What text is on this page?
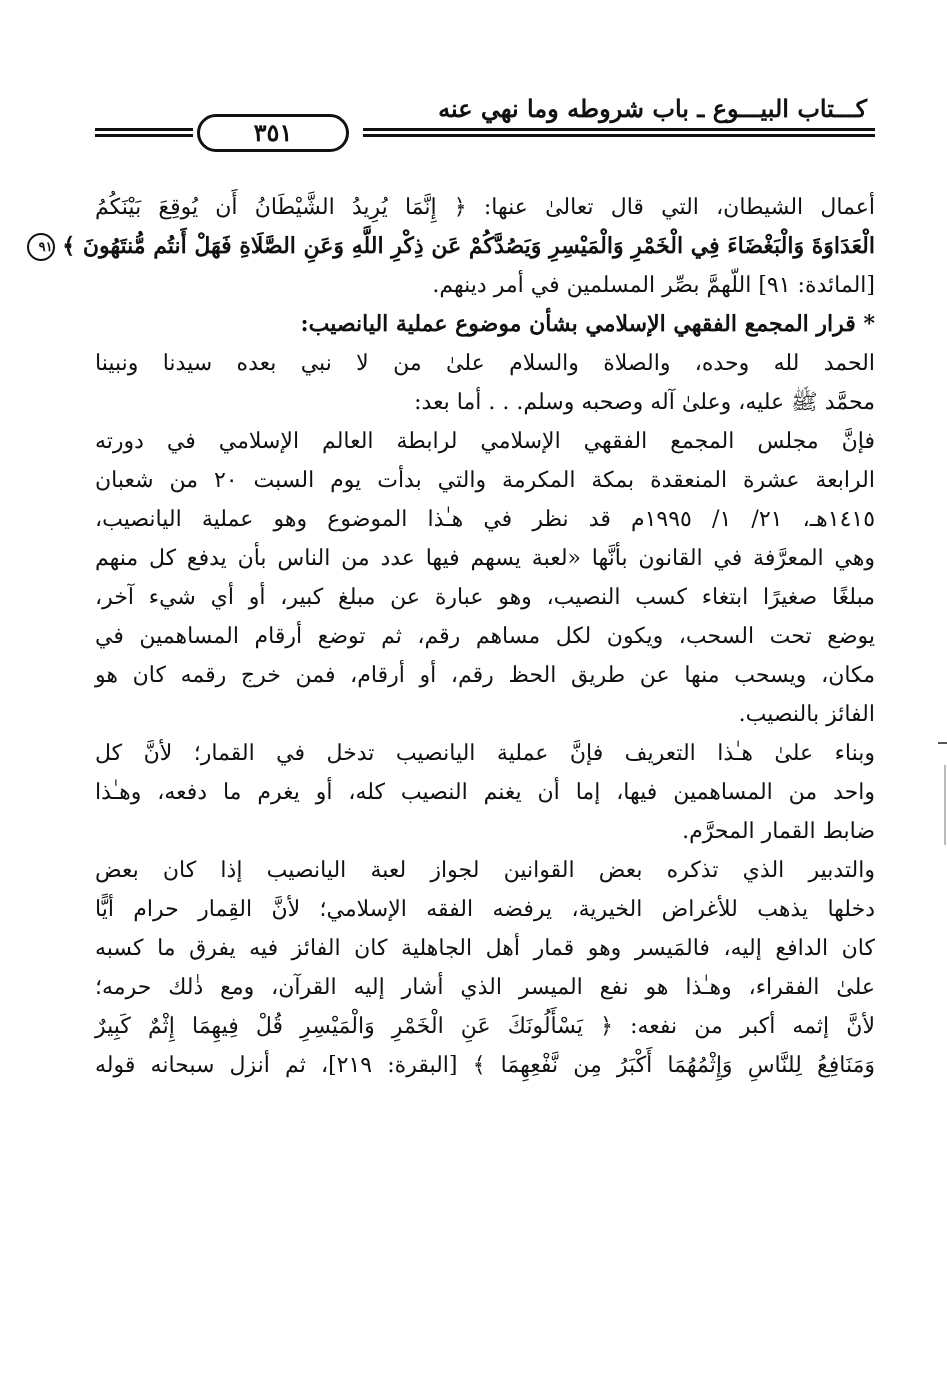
كـــتاب البيـــوع ـ باب شروطه وما نهي عنه
٣٥١
أعمال الشيطان، التي قال تعالىٰ عنها: ﴿ إِنَّمَا يُرِيدُ الشَّيْطَانُ أَن يُوقِعَ بَيْنَكُمُ
الْعَدَاوَةَ وَالْبَغْضَاءَ فِي الْخَمْرِ وَالْمَيْسِرِ وَيَصُدَّكُمْ عَن ذِكْرِ اللَّهِ وَعَنِ الصَّلَاةِ فَهَلْ أَنتُم مُّنتَهُونَ ﴾ ٩١
[المائدة: ٩١] اللّهمَّ بصِّر المسلمين في أمر دينهم.
* قرار المجمع الفقهي الإسلامي بشأن موضوع عملية اليانصيب:
الحمد لله وحده، والصلاة والسلام علىٰ من لا نبي بعده سيدنا ونبينا
محمَّد ﷺ عليه، وعلىٰ آله وصحبه وسلم. . . أما بعد:
فإنَّ مجلس المجمع الفقهي الإسلامي لرابطة العالم الإسلامي في دورته
الرابعة عشرة المنعقدة بمكة المكرمة والتي بدأت يوم السبت ٢٠ من شعبان
١٤١٥هـ، ٢١/ ١/ ١٩٩٥م قد نظر في هـٰذا الموضوع وهو عملية اليانصيب،
وهي المعرَّفة في القانون بأنَّها «لعبة يسهم فيها عدد من الناس بأن يدفع كل منهم
مبلغًا صغيرًا ابتغاء كسب النصيب، وهو عبارة عن مبلغ كبير، أو أي شيء آخر،
يوضع تحت السحب، ويكون لكل مساهم رقم، ثم توضع أرقام المساهمين في
مكان، ويسحب منها عن طريق الحظ رقم، أو أرقام، فمن خرج رقمه كان هو
الفائز بالنصيب.
وبناء علىٰ هـٰذا التعريف فإنَّ عملية اليانصيب تدخل في القمار؛ لأنَّ كل
واحد من المساهمين فيها، إما أن يغنم النصيب كله، أو يغرم ما دفعه، وهـٰذا
ضابط القمار المحرَّم.
والتدبير الذي تذكره بعض القوانين لجواز لعبة اليانصيب إذا كان بعض
دخلها يذهب للأغراض الخيرية، يرفضه الفقه الإسلامي؛ لأنَّ القِمار حرام أيًّا
كان الدافع إليه، فالمَيسر وهو قمار أهل الجاهلية كان الفائز فيه يفرق ما كسبه
علىٰ الفقراء، وهـٰذا هو نفع الميسر الذي أشار إليه القرآن، ومع ذٰلك حرمه؛
لأنَّ إثمه أكبر من نفعه: ﴿ يَسْأَلُونَكَ عَنِ الْخَمْرِ وَالْمَيْسِرِ قُلْ فِيهِمَا إِثْمٌ كَبِيرٌ
وَمَنَافِعُ لِلنَّاسِ وَإِثْمُهُمَا أَكْبَرُ مِن نَّفْعِهِمَا ﴾ [البقرة: ٢١٩]، ثم أنزل سبحانه قوله
